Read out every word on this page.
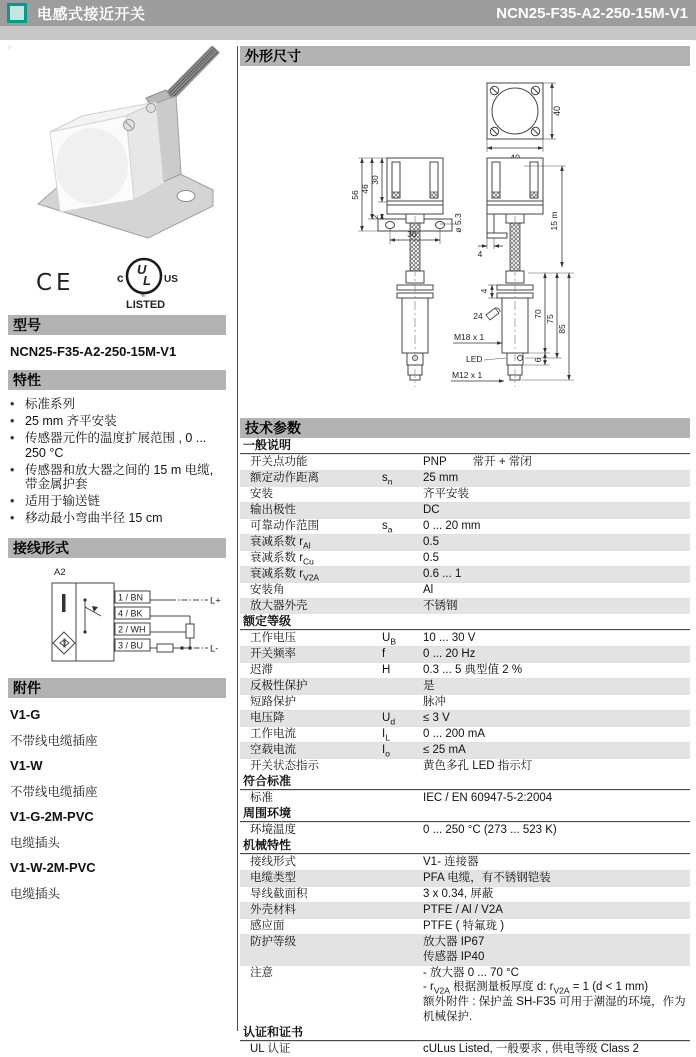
电感式接近开关	NCN25-F35-A2-250-15M-V1
CE
U
L
c	US
®
LISTED
型号
NCN25-F35-A2-250-15M-V1
特性
• 标准系列
• 25 mm 齐平安装
• 传感器元件的温度扩展范围 , 0 ... 250 °C
• 传感器和放大器之间的 15 m 电缆, 带金属护套
• 适用于输送链
• 移动最小弯曲半径 15 cm
接线形式
A2
1 / BN
4 / BK
2 / WH
3 / BU
L+
L-
附件
V1-G
不带线电缆插座
V1-W
不带线电缆插座
V1-G-2M-PVC
电缆插头
V1-W-2M-PVC
电缆插头
外形尺寸
40
56
46
30
2	ø 5.3
30
4
15 m
4
24
M18 x 1
LED
M12 x 1
70
6
75
85
技术参数
一般说明
开关点功能	PNP 常开 + 常闭
额定动作距离	$s_n$	25 mm
安装	齐平安装
输出极性	DC
可靠动作范围	$s_a$	0 ... 20 mm
衰减系数 $r_{Al}$	0.5
衰减系数 $r_{Cu}$	0.5
衰减系数 $r_{V2A}$	0.6 ... 1
安装角	Al
放大器外壳	不锈钢
额定等级
工作电压	$U_B$	10 ... 30 V
开关频率	f	0 ... 20 Hz
迟滞	H	0.3 ... 5 典型值 2 %
反极性保护	是
短路保护	脉冲
电压降	$U_d$	≤ 3 V
工作电流	$I_L$	0 ... 200 mA
空载电流	$I_o$	≤ 25 mA
开关状态指示	黄色多孔 LED 指示灯
符合标准
标准	IEC / EN 60947-5-2:2004
周围环境
环境温度	0 ... 250 °C (273 ... 523 K)
机械特性
接线形式	V1- 连接器
电缆类型	PFA 电缆，有不锈钢铠装
导线截面积	3 x 0.34, 屏蔽
外壳材料	PTFE / Al / V2A
感应面	PTFE ( 特氟珑 )
防护等级	放大器 IP67
传感器 IP40
注意	- 放大器 0 ... 70 °C
- $r_{V2A}$ 根据测量板厚度 d: $r_{V2A} = 1$ (d < 1 mm)
额外附件 : 保护盖 SH-F35 可用于潮湿的环境，作为机械保护.
认证和证书
UL 认证	cULus Listed, 一般要求 , 供电等级 Class 2
